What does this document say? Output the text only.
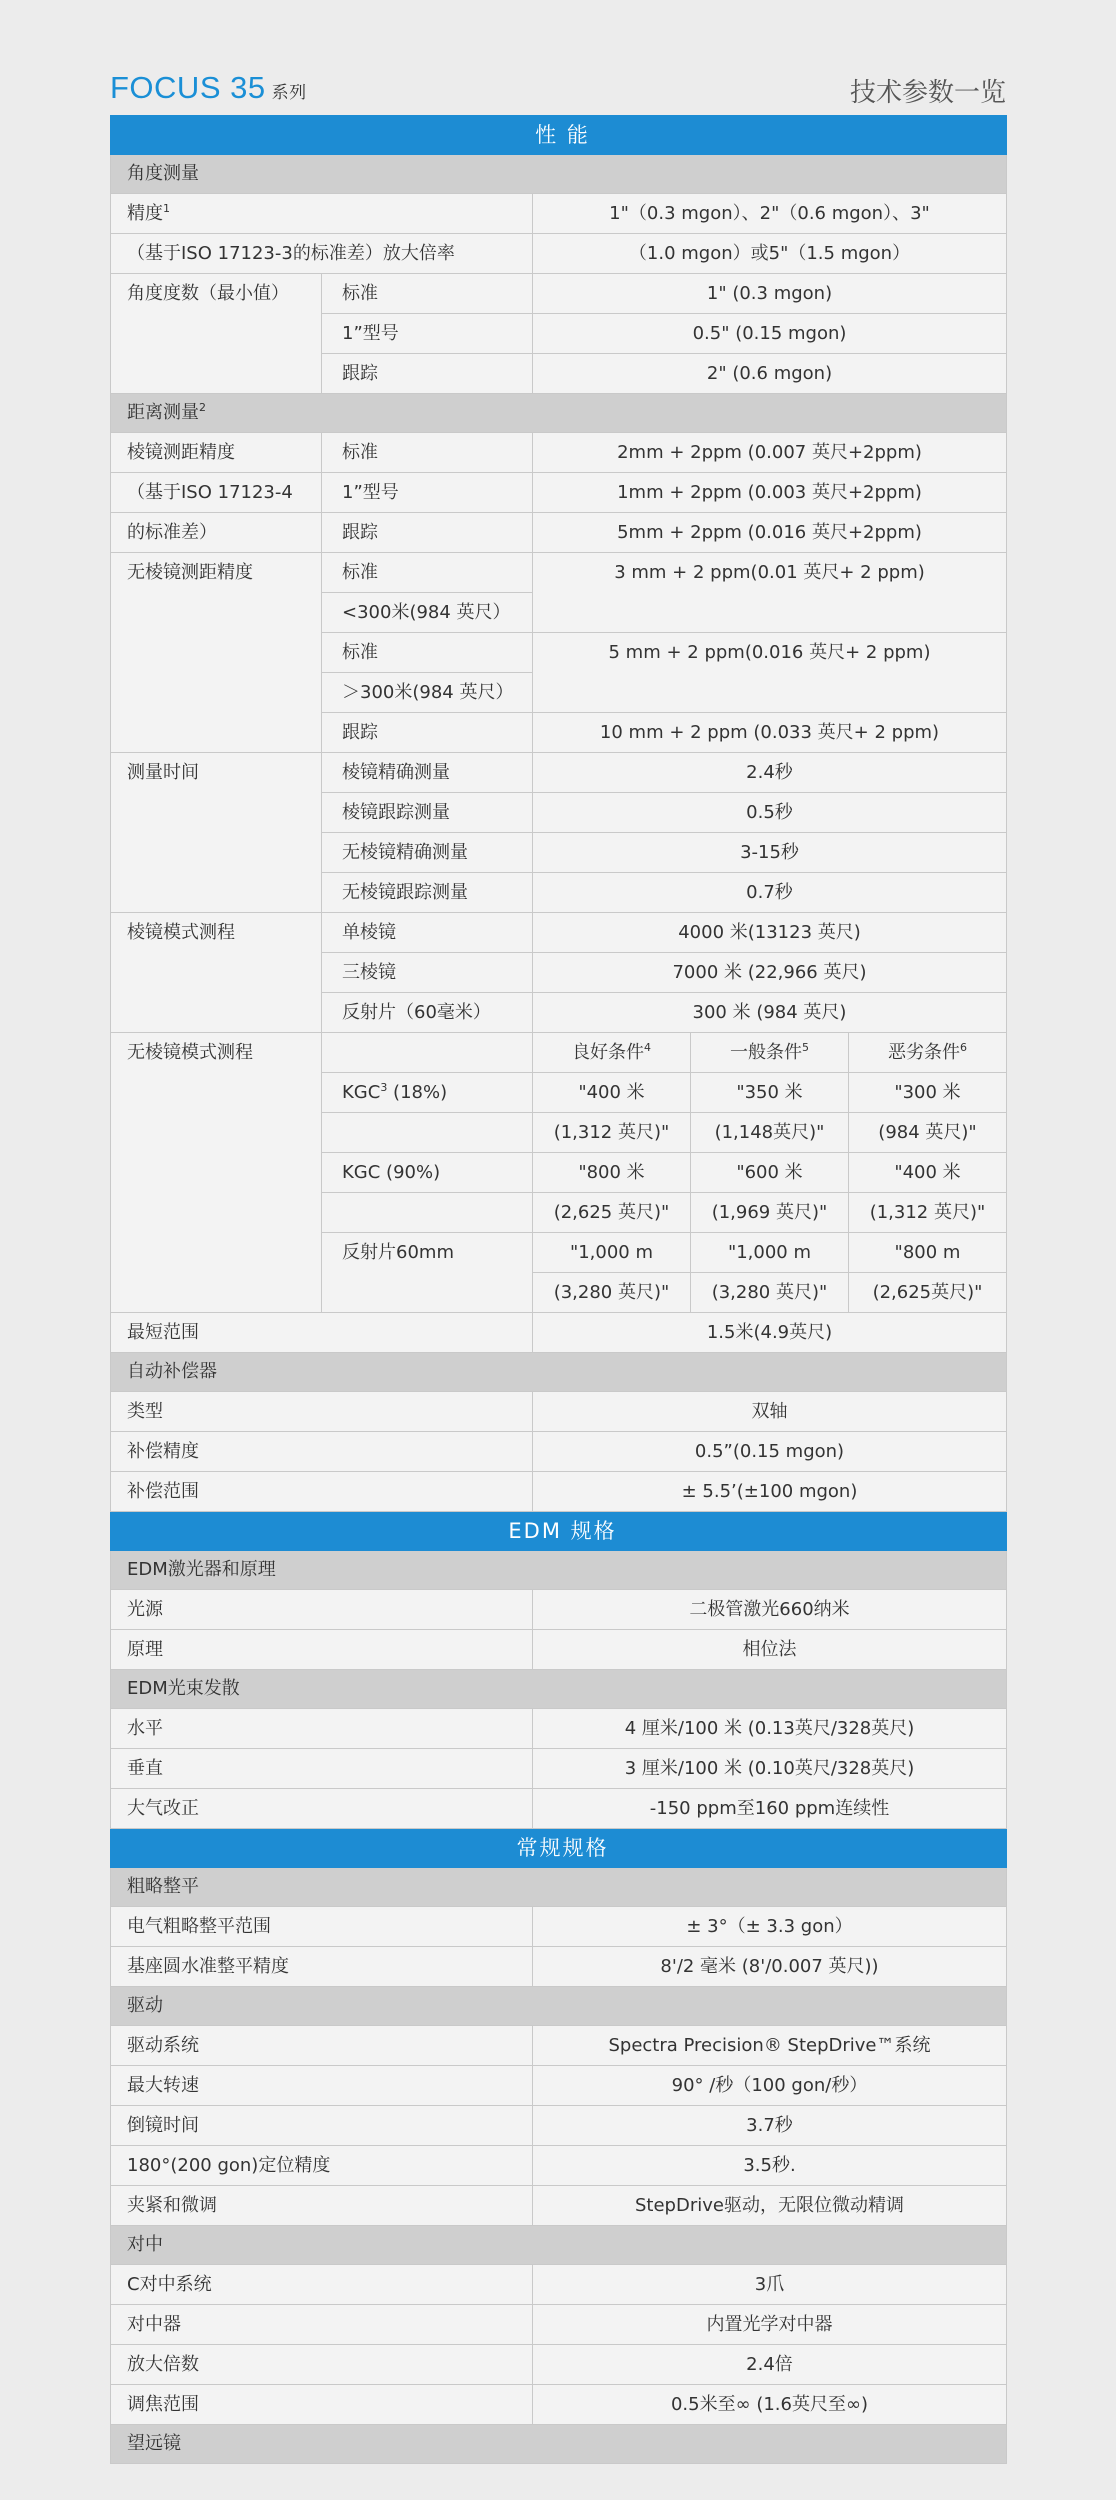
FOCUS 35 系列	技术参数一览
性 能				
角度测量				
精度$^1$		1"（0.3 mgon）、2"（0.6 mgon）、3"		
（基于ISO 17123-3的标准差）放大倍率		（1.0 mgon）或5"（1.5 mgon）		
角度度数（最小值）	标准	1" (0.3 mgon)		
	1”型号	0.5" (0.15 mgon)		
	跟踪	2" (0.6 mgon)		
距离测量$^2$
棱镜测距精度	标准	2mm + 2ppm (0.007 英尺+2ppm)		
（基于ISO 17123-4	1”型号	1mm + 2ppm (0.003 英尺+2ppm)		
的标准差）	跟踪	5mm + 2ppm (0.016 英尺+2ppm)		
无棱镜测距精度	标准	3 mm + 2 ppm(0.01 英尺+ 2 ppm)		
	<300米(984 英尺）			
	标准	5 mm + 2 ppm(0.016 英尺+ 2 ppm)		
	＞300米(984 英尺）			
	跟踪	10 mm + 2 ppm (0.033 英尺+ 2 ppm)		
测量时间	棱镜精确测量	2.4秒		
	棱镜跟踪测量	0.5秒		
	无棱镜精确测量	3-15秒		
	无棱镜跟踪测量	0.7秒		
棱镜模式测程	单棱镜	4000 米(13123 英尺)		
	三棱镜	7000 米 (22,966 英尺)		
	反射片（60毫米）	300 米 (984 英尺)		
无棱镜模式测程		良好条件$^4$	一般条件$^5$	恶劣条件$^6$
	KGC$^3$ (18%)	"400 米	"350 米	"300 米
		(1,312 英尺)"	(1,148英尺)"	(984 英尺)"
	KGC (90%)	"800 米	"600 米	"400 米
		(2,625 英尺)"	(1,969 英尺)"	(1,312 英尺)"
	反射片60mm	"1,000 m	"1,000 m	"800 m
		(3,280 英尺)"	(3,280 英尺)"	(2,625英尺)"
最短范围		1.5米(4.9英尺)		
自动补偿器				
类型		双轴		
补偿精度		0.5”(0.15 mgon)		
补偿范围		± 5.5’(±100 mgon)		
EDM 规格				
EDM激光器和原理				
光源		二极管激光660纳米		
原理		相位法		
EDM光束发散				
水平		4 厘米/100 米 (0.13英尺/328英尺)		
垂直		3 厘米/100 米 (0.10英尺/328英尺)		
大气改正		-150 ppm至160 ppm连续性		
常规规格				
粗略整平				
电气粗略整平范围		± 3°（± 3.3 gon）		
基座圆水准整平精度		8'/2 毫米 (8'/0.007 英尺))		
驱动				
驱动系统		Spectra Precision® StepDrive™系统		
最大转速		90° /秒（100 gon/秒）		
倒镜时间		3.7秒		
180°(200 gon)定位精度		3.5秒.		
夹紧和微调		StepDrive驱动，无限位微动精调		
对中				
C对中系统		3爪		
对中器		内置光学对中器		
放大倍数		2.4倍		
调焦范围		0.5米至∞ (1.6英尺至∞)		
望远镜				
